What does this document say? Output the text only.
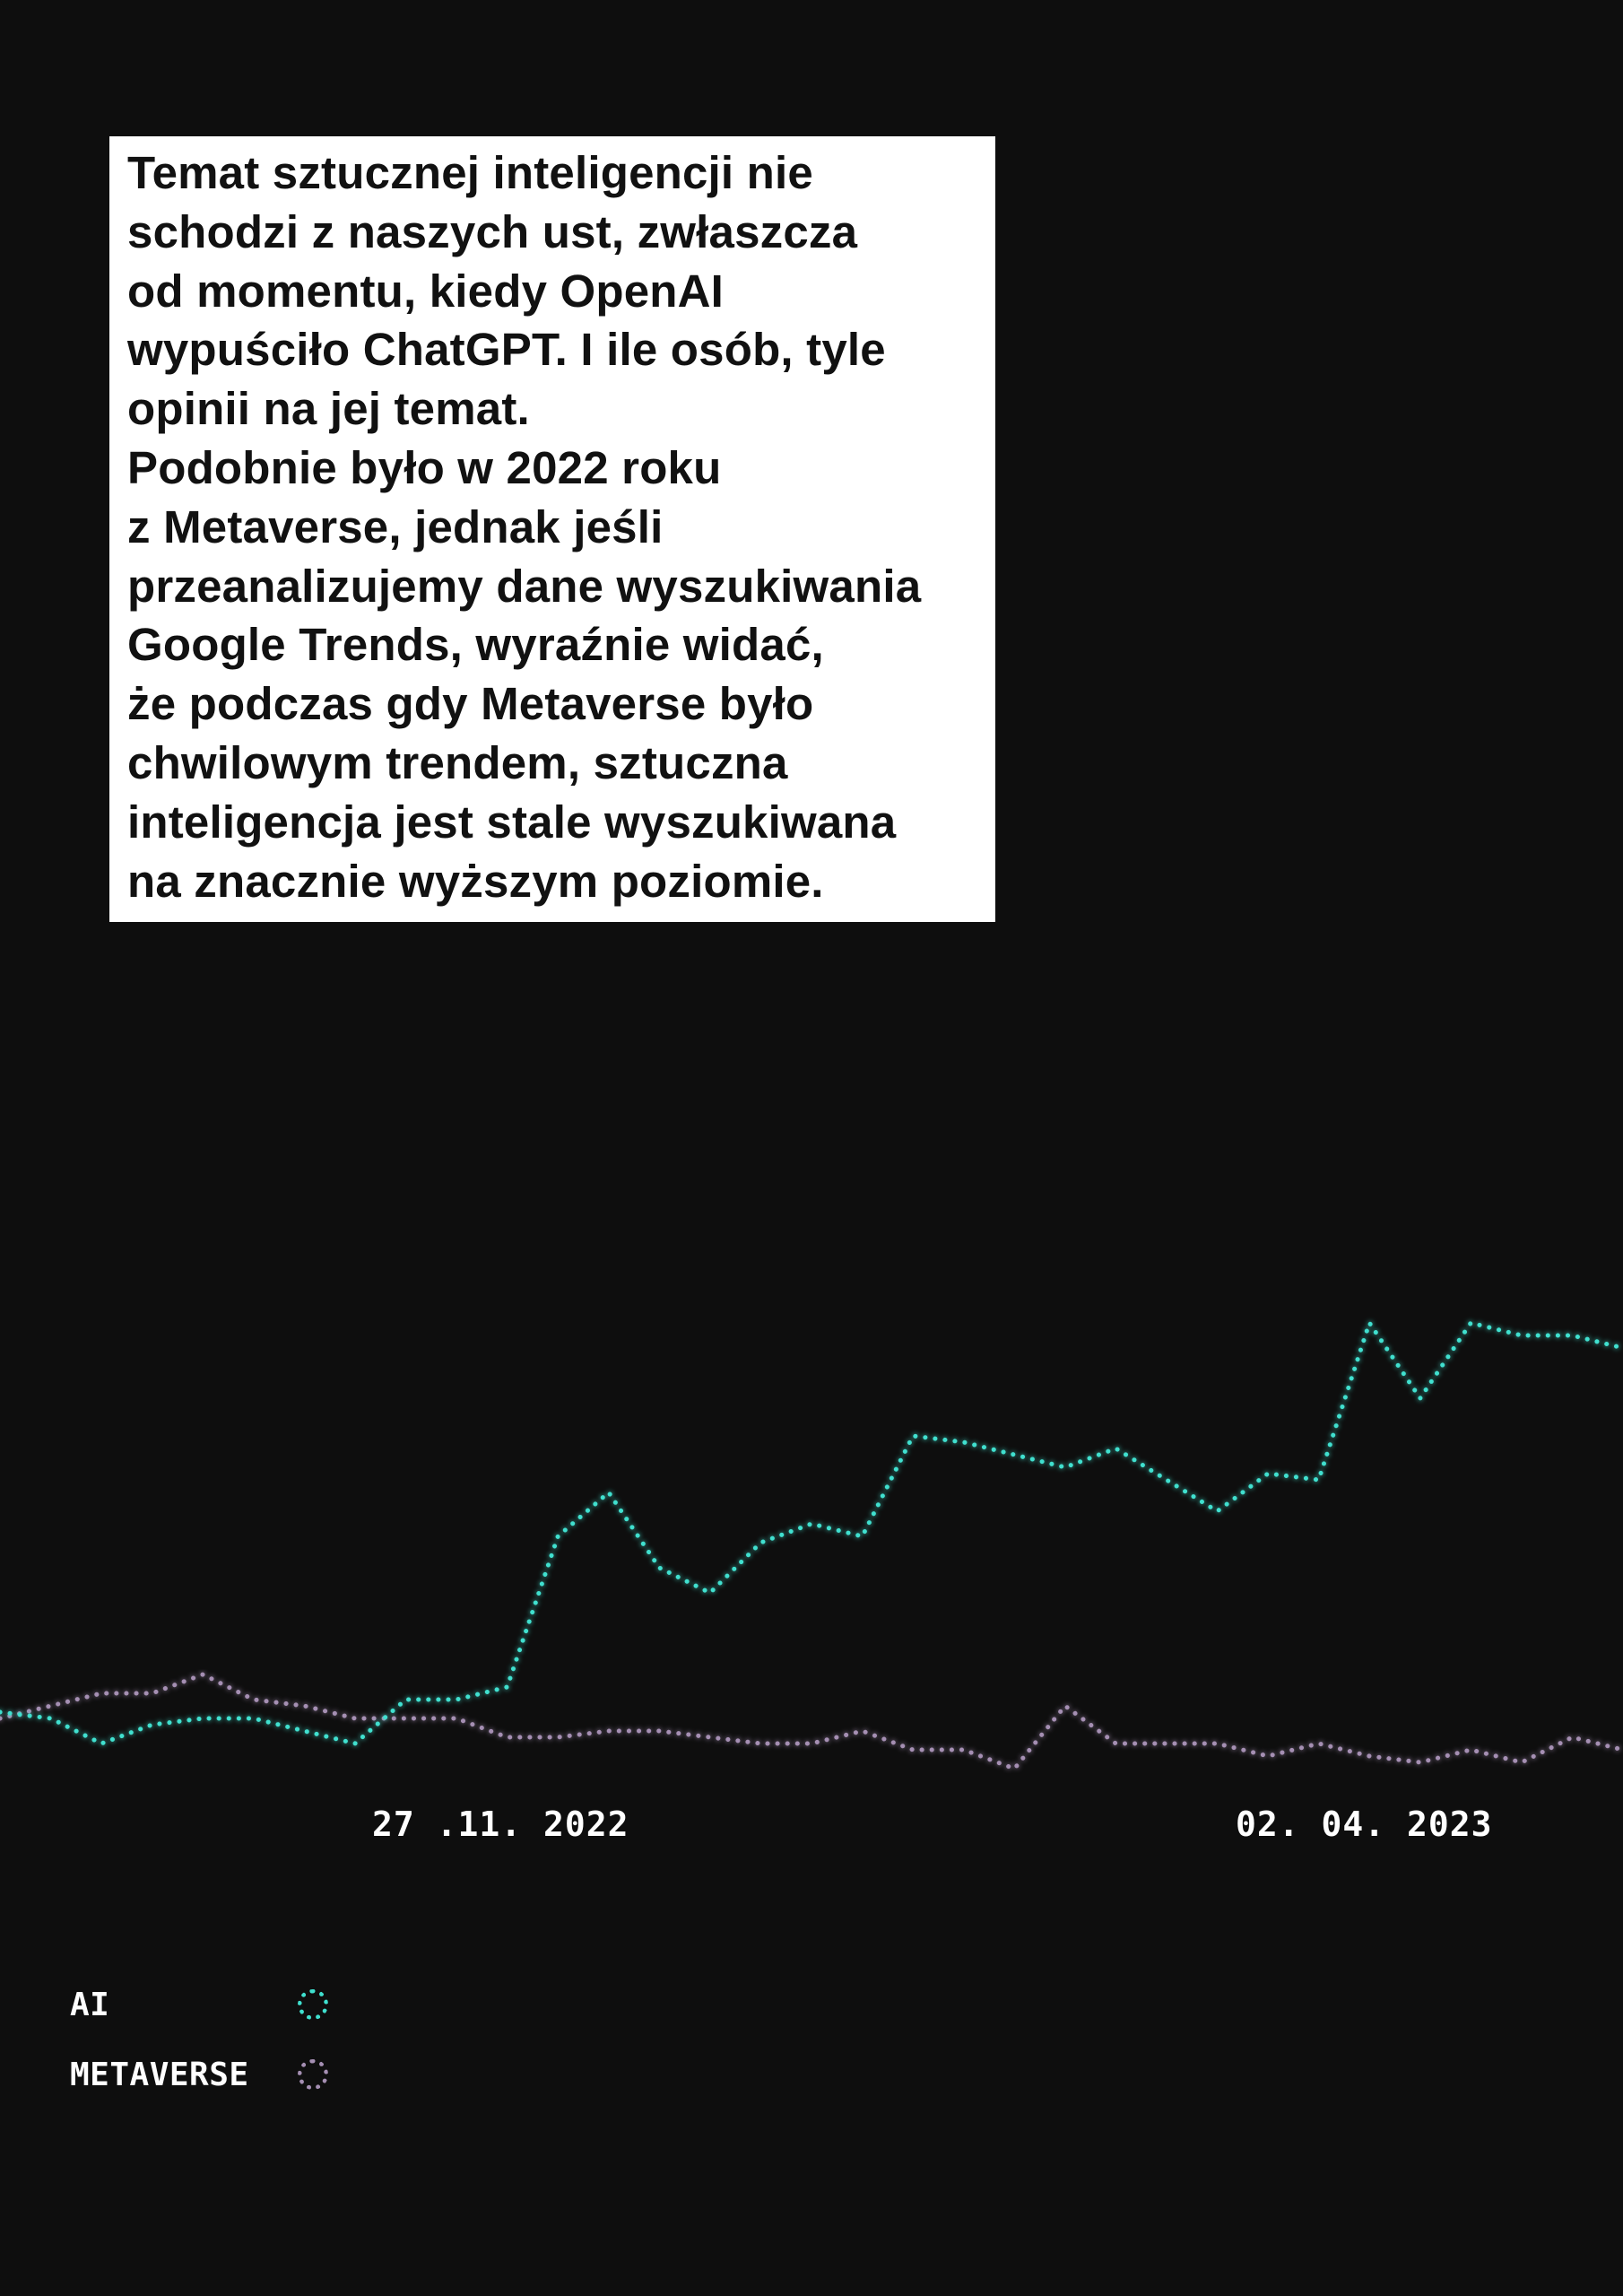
Temat sztucznej inteligencji nie
schodzi z naszych ust, zwłaszcza
od momentu, kiedy OpenAI
wypuściło ChatGPT. I ile osób, tyle
opinii na jej temat.
Podobnie było w 2022 roku
z Metaverse, jednak jeśli
przeanalizujemy dane wyszukiwania
Google Trends, wyraźnie widać,
że podczas gdy Metaverse było
chwilowym trendem, sztuczna
inteligencja jest stale wyszukiwana
na znacznie wyższym poziomie.

27 .11. 2022	02. 04. 2023
AI
METAVERSE
